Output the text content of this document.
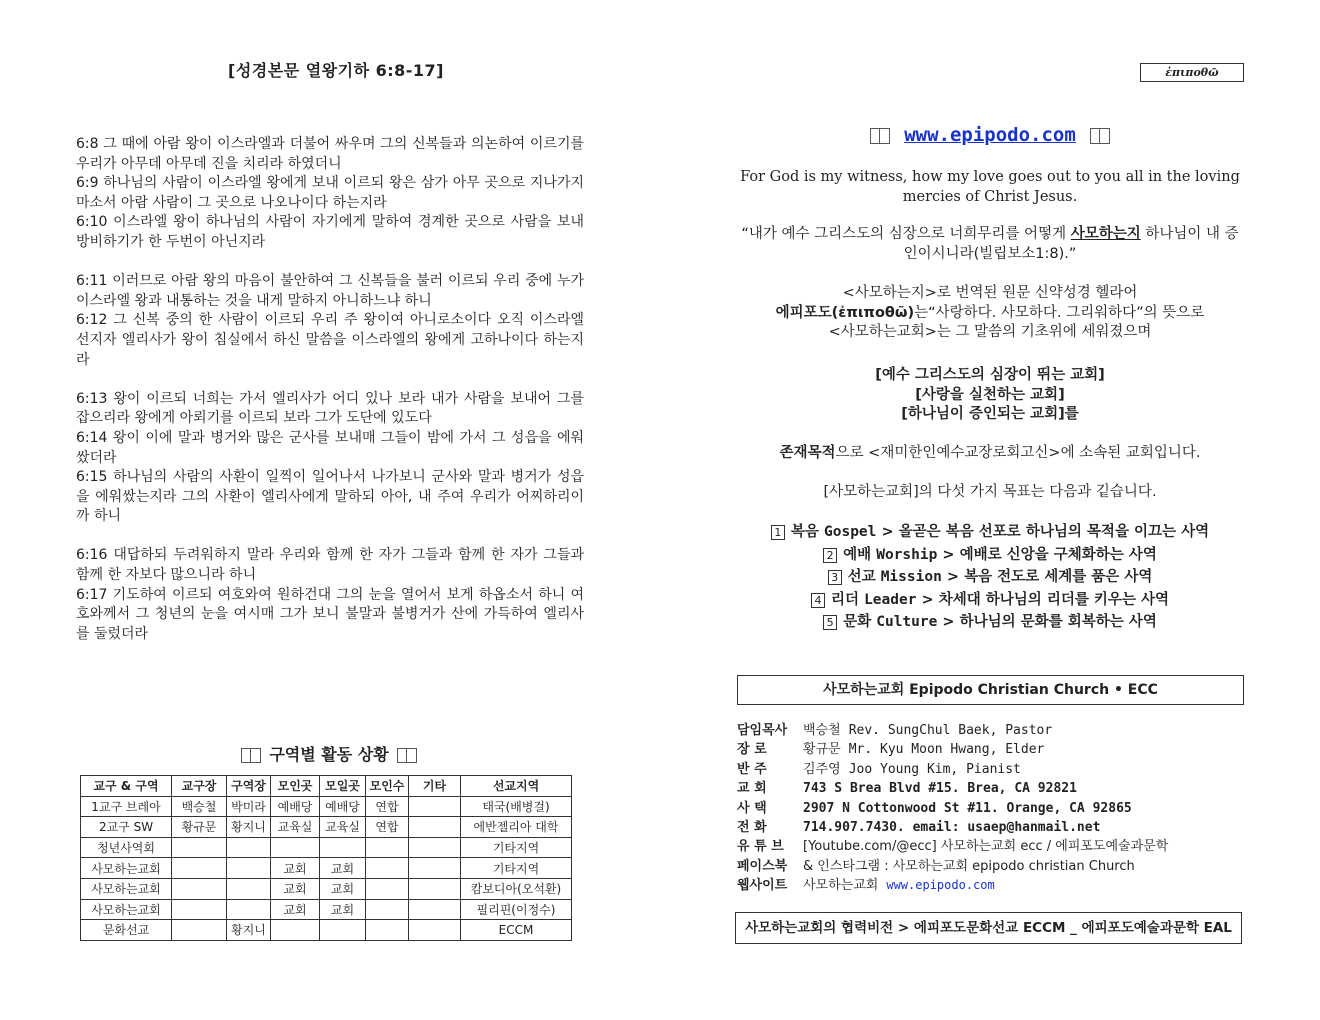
[성경본문 열왕기하 6:8-17]

6:8 그 때에 아람 왕이 이스라엘과 더불어 싸우며 그의 신복들과 의논하여 이르기를 우리가 아무데 아무데 진을 치리라 하였더니

6:9 하나님의 사람이 이스라엘 왕에게 보내 이르되 왕은 삼가 아무 곳으로 지나가지 마소서 아람 사람이 그 곳으로 나오나이다 하는지라

6:10 이스라엘 왕이 하나님의 사람이 자기에게 말하여 경계한 곳으로 사람을 보내 방비하기가 한 두번이 아닌지라

6:11 이러므로 아람 왕의 마음이 불안하여 그 신복들을 불러 이르되 우리 중에 누가 이스라엘 왕과 내통하는 것을 내게 말하지 아니하느냐 하니

6:12 그 신복 중의 한 사람이 이르되 우리 주 왕이여 아니로소이다 오직 이스라엘 선지자 엘리사가 왕이 침실에서 하신 말씀을 이스라엘의 왕에게 고하나이다 하는지라

6:13 왕이 이르되 너희는 가서 엘리사가 어디 있나 보라 내가 사람을 보내어 그를 잡으리라 왕에게 아뢰기를 이르되 보라 그가 도단에 있도다

6:14 왕이 이에 말과 병거와 많은 군사를 보내매 그들이 밤에 가서 그 성읍을 에워쌌더라

6:15 하나님의 사람의 사환이 일찍이 일어나서 나가보니 군사와 말과 병거가 성읍을 에워쌌는지라 그의 사환이 엘리사에게 말하되 아아, 내 주여 우리가 어찌하리이까 하니

6:16 대답하되 두려워하지 말라 우리와 함께 한 자가 그들과 함께 한 자가 그들과 함께 한 자보다 많으니라 하니

6:17 기도하여 이르되 여호와여 원하건대 그의 눈을 열어서 보게 하옵소서 하니 여호와께서 그 청년의 눈을 여시매 그가 보니 불말과 불병거가 산에 가득하여 엘리사를 둘렀더라

구역별 활동 상황
교구 & 구역	교구장	구역장	모인곳	모일곳	모인수	기타	선교지역
1교구 브레아	백승철	박미라	예배당	예배당	연합		태국(배병걸)
2교구 SW	황규문	황지니	교육실	교육실	연합		에반젤리아 대학
청년사역회							기타지역
사모하는교회			교회	교회			기타지역
사모하는교회			교회	교회			캄보디아(오석환)
사모하는교회			교회	교회			필리핀(이정수)
문화선교		황지니					ECCM
ἐπιποθῶ
www.epipodo.com
For God is my witness, how my love goes out to you all in the loving mercies of Christ Jesus.
“내가 예수 그리스도의 심장으로 너희무리를 어떻게 사모하는지 하나님이 내 증인이시니라(빌립보소1:8).”
<사모하는지>로 번역된 원문 신약성경 헬라어
에피포도(ἐπιποθῶ)는“사랑하다. 사모하다. 그리워하다”의 뜻으로
<사모하는교회>는 그 말씀의 기초위에 세워졌으며
[예수 그리스도의 심장이 뛰는 교회]
[사랑을 실천하는 교회]
[하나님이 증인되는 교회]를
존재목적으로 <재미한인예수교장로회고신>에 소속된 교회입니다.
[사모하는교회]의 다섯 가지 목표는 다음과 깉습니다.
1 복음 Gospel > 올곧은 복음 선포로 하나님의 목적을 이끄는 사역
2 예배 Worship > 예배로 신앙을 구체화하는 사역
3 선교 Mission > 복음 전도로 세계를 품은 사역
4 리더 Leader > 차세대 하나님의 리더를 키우는 사역
5 문화 Culture > 하나님의 문화를 회복하는 사역
사모하는교회 Epipodo Christian Church • ECC
담임목사	백승철 Rev. SungChul Baek, Pastor
장 로	황규문 Mr. Kyu Moon Hwang, Elder
반 주	김주영 Joo Young Kim, Pianist
교 회	743 S Brea Blvd #15. Brea, CA 92821
사 택	2907 N Cottonwood St #11. Orange, CA 92865
전 화	714.907.7430. email: usaep@hanmail.net
유 튜 브	[Youtube.com/@ecc] 사모하는교회 ecc / 에피포도예술과문학
페이스북	& 인스타그램 : 사모하는교회 epipodo christian Church
웹사이트	사모하는교회 www.epipodo.com
사모하는교회의 협력비전 > 에피포도문화선교 ECCM _ 에피포도예술과문학 EAL
